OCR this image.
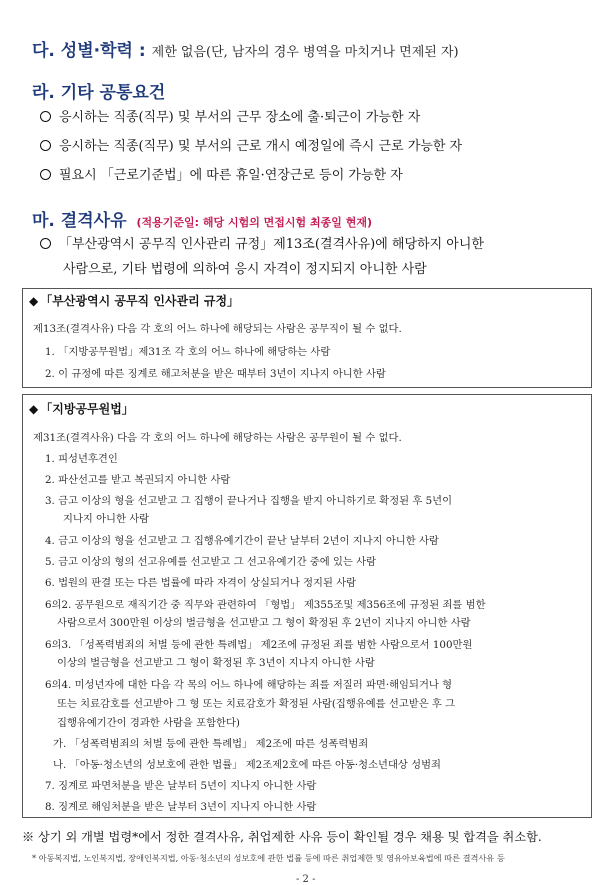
다. 성별·학력 : 제한 없음(단, 남자의 경우 병역을 마치거나 면제된 자)
라. 기타 공통요건
응시하는 직종(직무) 및 부서의 근무 장소에 출·퇴근이 가능한 자
응시하는 직종(직무) 및 부서의 근로 개시 예정일에 즉시 근로 가능한 자
필요시 「근로기준법」에 따른 휴일·연장근로 등이 가능한 자
마. 결격사유 (적용기준일: 해당 시험의 면접시험 최종일 현재)
「부산광역시 공무직 인사관리 규정」제13조(결격사유)에 해당하지 아니한
사람으로, 기타 법령에 의하여 응시 자격이 정지되지 아니한 사람
◆ 「부산광역시 공무직 인사관리 규정」
제13조(결격사유) 다음 각 호의 어느 하나에 해당되는 사람은 공무직이 될 수 없다.
1. 「지방공무원법」제31조 각 호의 어느 하나에 해당하는 사람
2. 이 규정에 따른 징계로 해고처분을 받은 때부터 3년이 지나지 아니한 사람
◆ 「지방공무원법」
제31조(결격사유) 다음 각 호의 어느 하나에 해당하는 사람은 공무원이 될 수 없다.
1. 피성년후견인
2. 파산선고를 받고 복권되지 아니한 사람
3. 금고 이상의 형을 선고받고 그 집행이 끝나거나 집행을 받지 아니하기로 확정된 후 5년이
지나지 아니한 사람
4. 금고 이상의 형을 선고받고 그 집행유예기간이 끝난 날부터 2년이 지나지 아니한 사람
5. 금고 이상의 형의 선고유예를 선고받고 그 선고유예기간 중에 있는 사람
6. 법원의 판결 또는 다른 법률에 따라 자격이 상실되거나 정지된 사람
6의2. 공무원으로 재직기간 중 직무와 관련하여 「형법」 제355조및 제356조에 규정된 죄를 범한
사람으로서 300만원 이상의 벌금형을 선고받고 그 형이 확정된 후 2년이 지나지 아니한 사람
6의3. 「성폭력범죄의 처벌 등에 관한 특례법」 제2조에 규정된 죄를 범한 사람으로서 100만원
이상의 벌금형을 선고받고 그 형이 확정된 후 3년이 지나지 아니한 사람
6의4. 미성년자에 대한 다음 각 목의 어느 하나에 해당하는 죄를 저질러 파면·해임되거나 형
또는 치료감호를 선고받아 그 형 또는 치료감호가 확정된 사람(집행유예를 선고받은 후 그
집행유예기간이 경과한 사람을 포함한다)
가. 「성폭력범죄의 처벌 등에 관한 특례법」 제2조에 따른 성폭력범죄
나. 「아동·청소년의 성보호에 관한 법률」 제2조제2호에 따른 아동·청소년대상 성범죄
7. 징계로 파면처분을 받은 날부터 5년이 지나지 아니한 사람
8. 징계로 해임처분을 받은 날부터 3년이 지나지 아니한 사람
※ 상기 외 개별 법령*에서 정한 결격사유, 취업제한 사유 등이 확인될 경우 채용 및 합격을 취소함.
* 아동복지법, 노인복지법, 장애인복지법, 아동·청소년의 성보호에 관한 법률 등에 따른 취업제한 및 영유아보육법에 따른 결격사유 등
- 2 -
